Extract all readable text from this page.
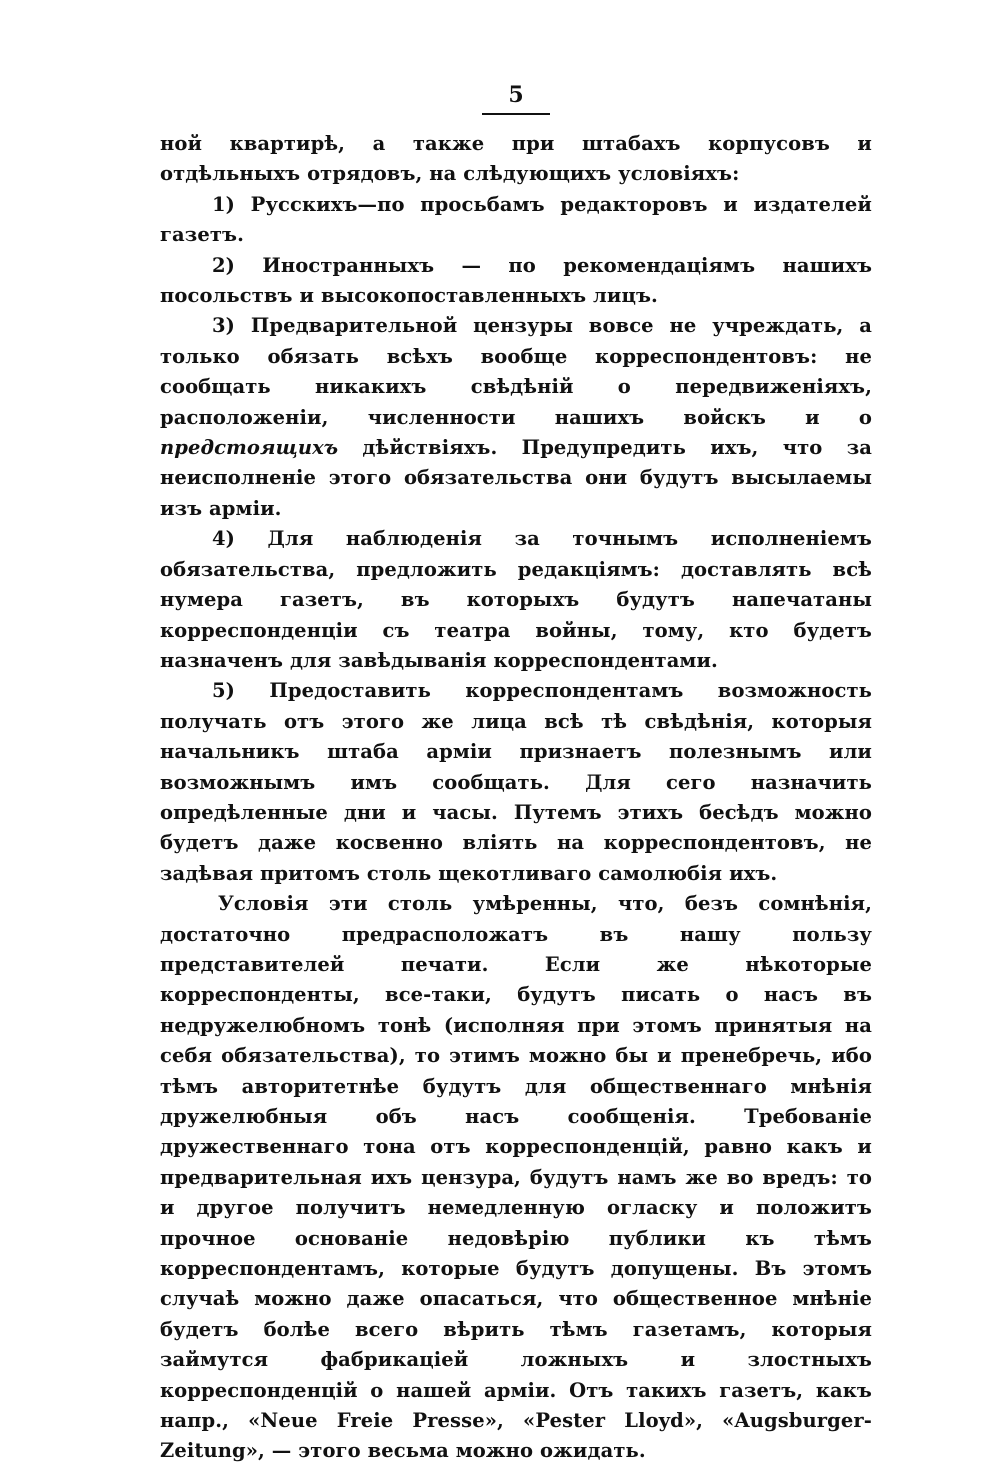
5

ной квартирѣ, а также при штабахъ корпусовъ и отдѣльныхъ отрядовъ, на слѣдующихъ условіяхъ:

1) Русскихъ—по просьбамъ редакторовъ и издателей газетъ.

2) Иностранныхъ — по рекомендаціямъ нашихъ посольствъ и высокопоставленныхъ лицъ.

3) Предварительной цензуры вовсе не учреждать, а только обязать всѣхъ вообще корреспондентовъ: не сообщать никакихъ свѣдѣній о передвиженіяхъ, расположеніи, численности нашихъ войскъ и о предстоящихъ дѣйствіяхъ. Предупредить ихъ, что за неисполненіе этого обязательства они будутъ высылаемы изъ арміи.

4) Для наблюденія за точнымъ исполненіемъ обязательства, предложить редакціямъ: доставлять всѣ нумера газетъ, въ которыхъ будутъ напечатаны корреспонденціи съ театра войны, тому, кто будетъ назначенъ для завѣдыванія корреспондентами.

5) Предоставить корреспондентамъ возможность получать отъ этого же лица всѣ тѣ свѣдѣнія, которыя начальникъ штаба арміи признаетъ полезнымъ или возможнымъ имъ сообщать. Для сего назначить опредѣленные дни и часы. Путемъ этихъ бесѣдъ можно будетъ даже косвенно вліять на корреспондентовъ, не задѣвая притомъ столь щекотливаго самолюбія ихъ.

Условія эти столь умѣренны, что, безъ сомнѣнія, достаточно предрасположатъ въ нашу пользу представителей печати. Если же нѣкоторые корреспонденты, все-таки, будутъ писать о насъ въ недружелюбномъ тонѣ (исполняя при этомъ принятыя на себя обязательства), то этимъ можно бы и пренебречь, ибо тѣмъ авторитетнѣе будутъ для общественнаго мнѣнія дружелюбныя объ насъ сообщенія. Требованіе дружественнаго тона отъ корреспонденцій, равно какъ и предварительная ихъ цензура, будутъ намъ же во вредъ: то и другое получитъ немедленную огласку и положитъ прочное основаніе недовѣрію публики къ тѣмъ корреспондентамъ, которые будутъ допущены. Въ этомъ случаѣ можно даже опасаться, что общественное мнѣніе будетъ болѣе всего вѣрить тѣмъ газетамъ, которыя займутся фабрикаціей ложныхъ и злостныхъ корреспонденцій о нашей арміи. Отъ такихъ газетъ, какъ напр., «Neue Freie Presse», «Pester Lloyd», «Augsburger-Zeitung», — этого весьма можно ожидать.
